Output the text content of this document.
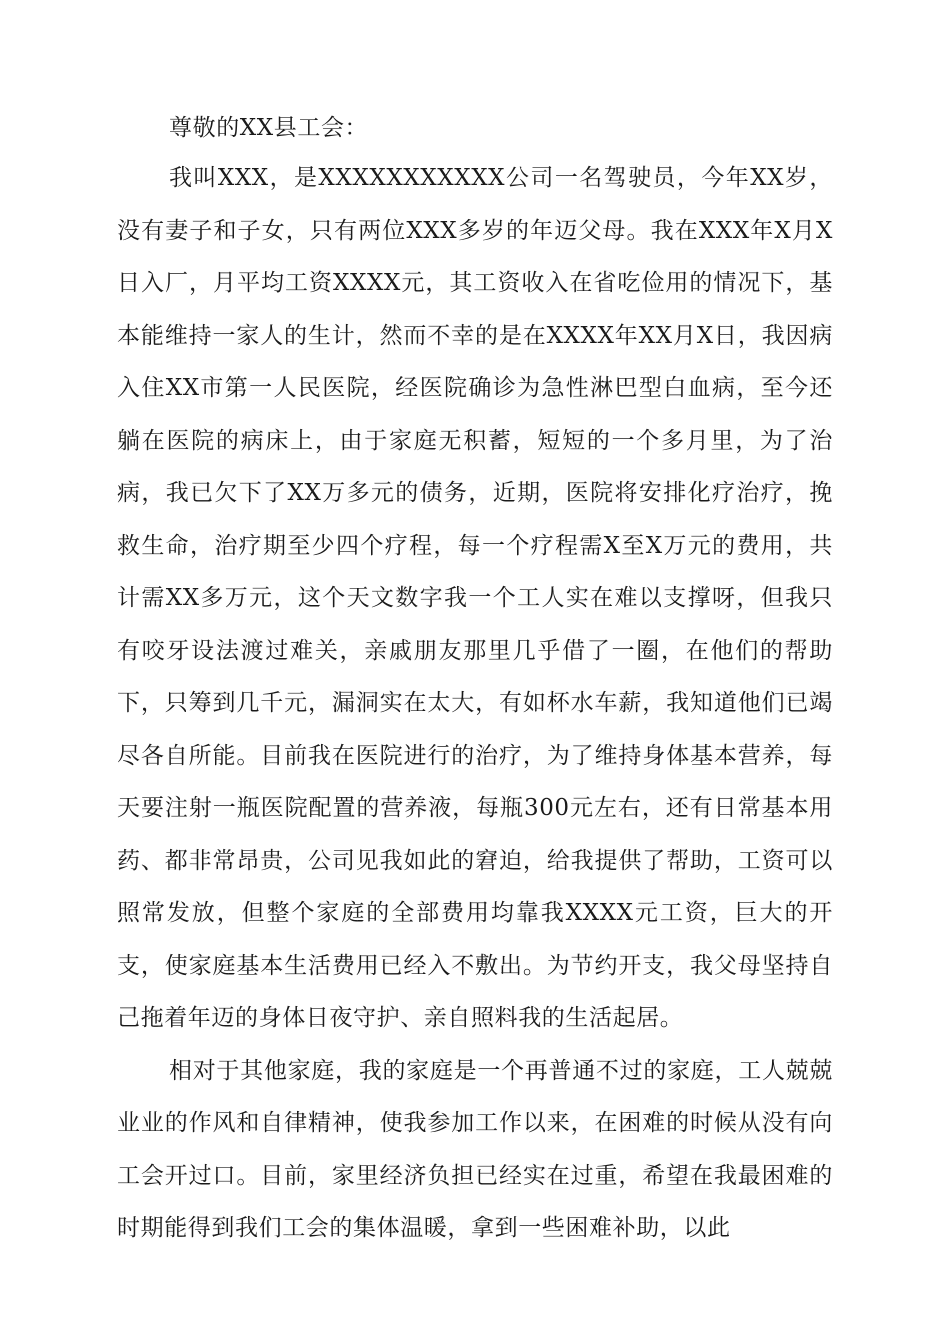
尊敬的XX县工会：

我叫XXX，是XXXXXXXXXXX公司一名驾驶员，今年XX岁，没有妻子和子女，只有两位XXX多岁的年迈父母。我在XXX年X月X日入厂，月平均工资XXXX元，其工资收入在省吃俭用的情况下，基本能维持一家人的生计，然而不幸的是在XXXX年XX月X日，我因病入住XX市第一人民医院，经医院确诊为急性淋巴型白血病，至今还躺在医院的病床上，由于家庭无积蓄，短短的一个多月里，为了治病，我已欠下了XX万多元的债务，近期，医院将安排化疗治疗，挽救生命，治疗期至少四个疗程，每一个疗程需X至X万元的费用，共计需XX多万元，这个天文数字我一个工人实在难以支撑呀，但我只有咬牙设法渡过难关，亲戚朋友那里几乎借了一圈，在他们的帮助下，只筹到几千元，漏洞实在太大，有如杯水车薪，我知道他们已竭尽各自所能。目前我在医院进行的治疗，为了维持身体基本营养，每天要注射一瓶医院配置的营养液，每瓶300元左右，还有日常基本用药、都非常昂贵，公司见我如此的窘迫，给我提供了帮助，工资可以照常发放，但整个家庭的全部费用均靠我XXXX元工资，巨大的开支，使家庭基本生活费用已经入不敷出。为节约开支，我父母坚持自己拖着年迈的身体日夜守护、亲自照料我的生活起居。

相对于其他家庭，我的家庭是一个再普通不过的家庭，工人兢兢业业的作风和自律精神，使我参加工作以来，在困难的时候从没有向工会开过口。目前，家里经济负担已经实在过重，希望在我最困难的时期能得到我们工会的集体温暖，拿到一些困难补助，以此
